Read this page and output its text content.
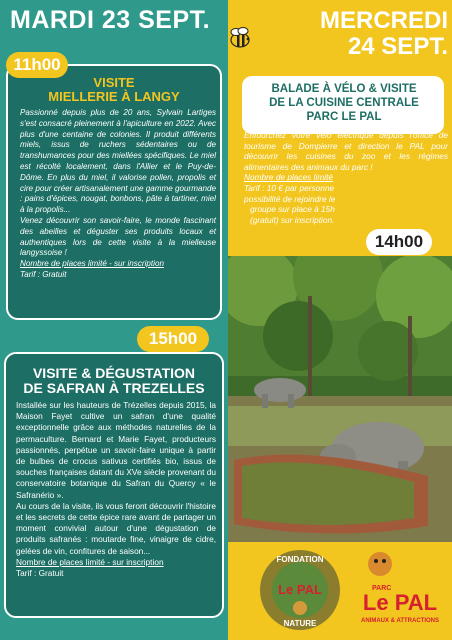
MARDI 23 SEPT.	MERCREDI
24 SEPT.
11h00
VISITE
MIELLERIE À LANGY

Passionné depuis plus de 20 ans, Sylvain Lartiges s'est consacré pleinement à l'apiculture en 2022. Avec plus d'une centaine de colonies. Il produit différents miels, issus de ruchers sédentaires ou de transhumances pour des miellées spécifiques. Le miel est récolté localement, dans l'Allier et le Puy-de-Dôme. En plus du miel, il valorise pollen, propolis et cire pour créer artisanalement une gamme gourmande : pains d'épices, nougat, bonbons, pâte à tartiner, miel à la propolis...

Venez découvrir son savoir-faire, le monde fascinant des abeilles et déguster ses produits locaux et authentiques lors de cette visite à la mielleuse langyssoise !

Nombre de places limité - sur inscription

Tarif : Gratuit

15h00
VISITE & DÉGUSTATION
DE SAFRAN À TREZELLES

Installée sur les hauteurs de Trézelles depuis 2015, la Maison Fayet cultive un safran d'une qualité exceptionnelle grâce aux méthodes naturelles de la permaculture. Bernard et Marie Fayet, producteurs passionnés, perpétue un savoir-faire unique à partir de bulbes de crocus sativus certifiés bio, issus de souches françaises datant du XVe siècle provenant du conservatoire botanique du Safran du Quercy « le Safranério ».

Au cours de la visite, ils vous feront découvrir l'histoire et les secrets de cette épice rare avant de partager un moment convivial autour d'une dégustation de produits safranés : moutarde fine, vinaigre de cidre, gelées de vin, confitures de saison...

Nombre de places limité - sur inscription

Tarif : Gratuit

BALADE À VÉLO & VISITE
DE LA CUISINE CENTRALE
PARC LE PAL

Enfourchez votre vélo électrique depuis l'office de tourisme de Dompierre et direction le PAL pour découvrir les cuisines du zoo et les régimes alimentaires des animaux du parc !

Nombre de places limité

Tarif : 10 € par personne

possibilité de rejoindre le

groupe sur place à 15h

(gratuit) sur inscription.

14h00
FONDATION
Le PAL
NATURE
PARC
Le PAL
ANIMAUX & ATTRACTIONS
